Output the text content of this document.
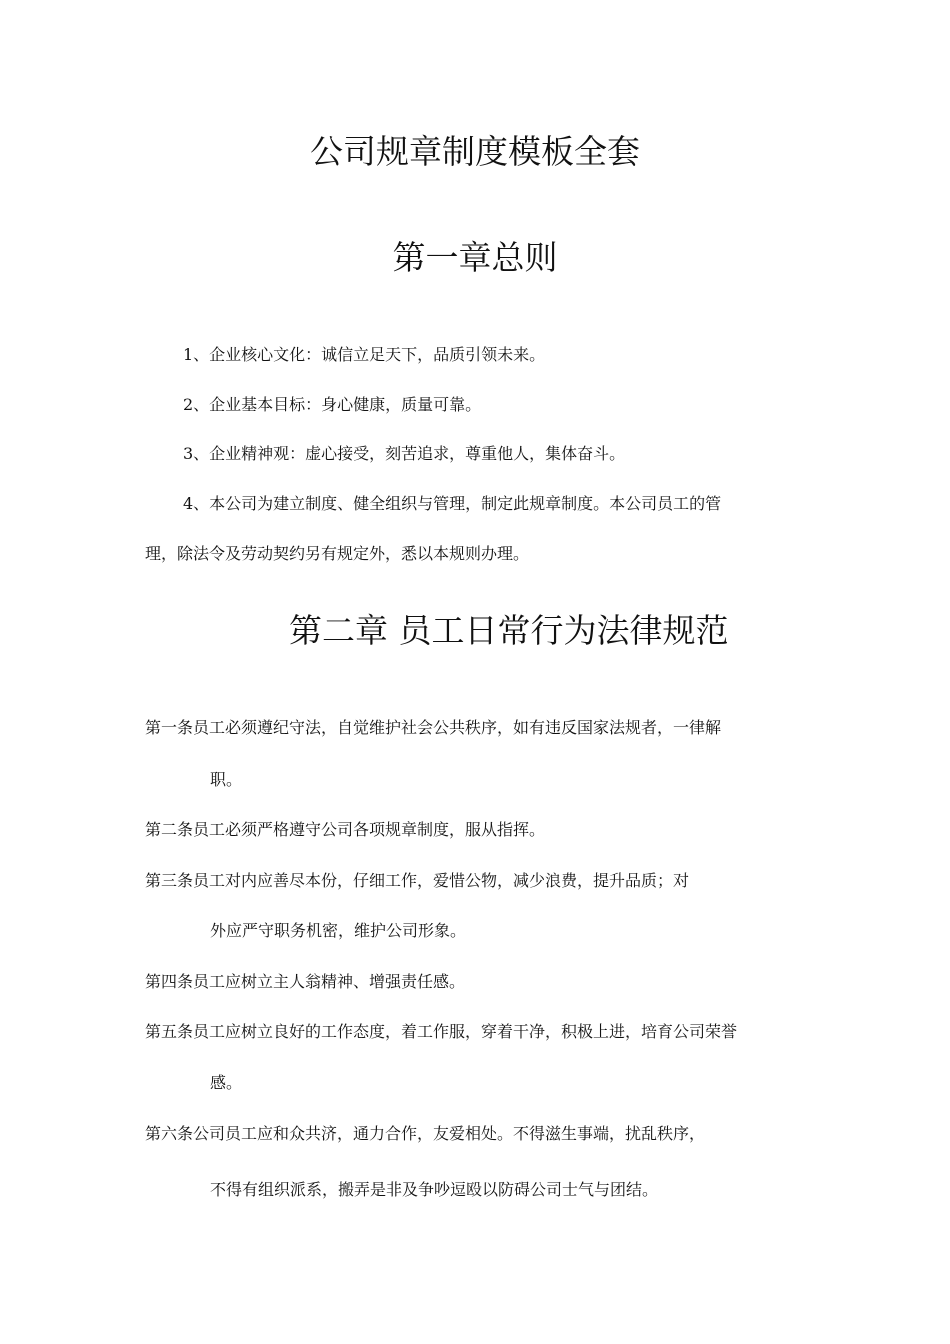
公司规章制度模板全套
第一章总则
1、企业核心文化：诚信立足天下，品质引领未来。
2、企业基本目标：身心健康，质量可靠。
3、企业精神观：虚心接受，刻苦追求，尊重他人，集体奋斗。
4、本公司为建立制度、健全组织与管理，制定此规章制度。本公司员工的管
理，除法令及劳动契约另有规定外，悉以本规则办理。
第二章 员工日常行为法律规范
第一条员工必须遵纪守法，自觉维护社会公共秩序，如有违反国家法规者，一律解
职。
第二条员工必须严格遵守公司各项规章制度，服从指挥。
第三条员工对内应善尽本份，仔细工作，爱惜公物，减少浪费，提升品质；对
外应严守职务机密，维护公司形象。
第四条员工应树立主人翁精神、增强责任感。
第五条员工应树立良好的工作态度，着工作服，穿着干净，积极上进，培育公司荣誉
感。
第六条公司员工应和众共济，通力合作，友爱相处。不得滋生事端，扰乱秩序，
不得有组织派系，搬弄是非及争吵逗殴以防碍公司士气与团结。
